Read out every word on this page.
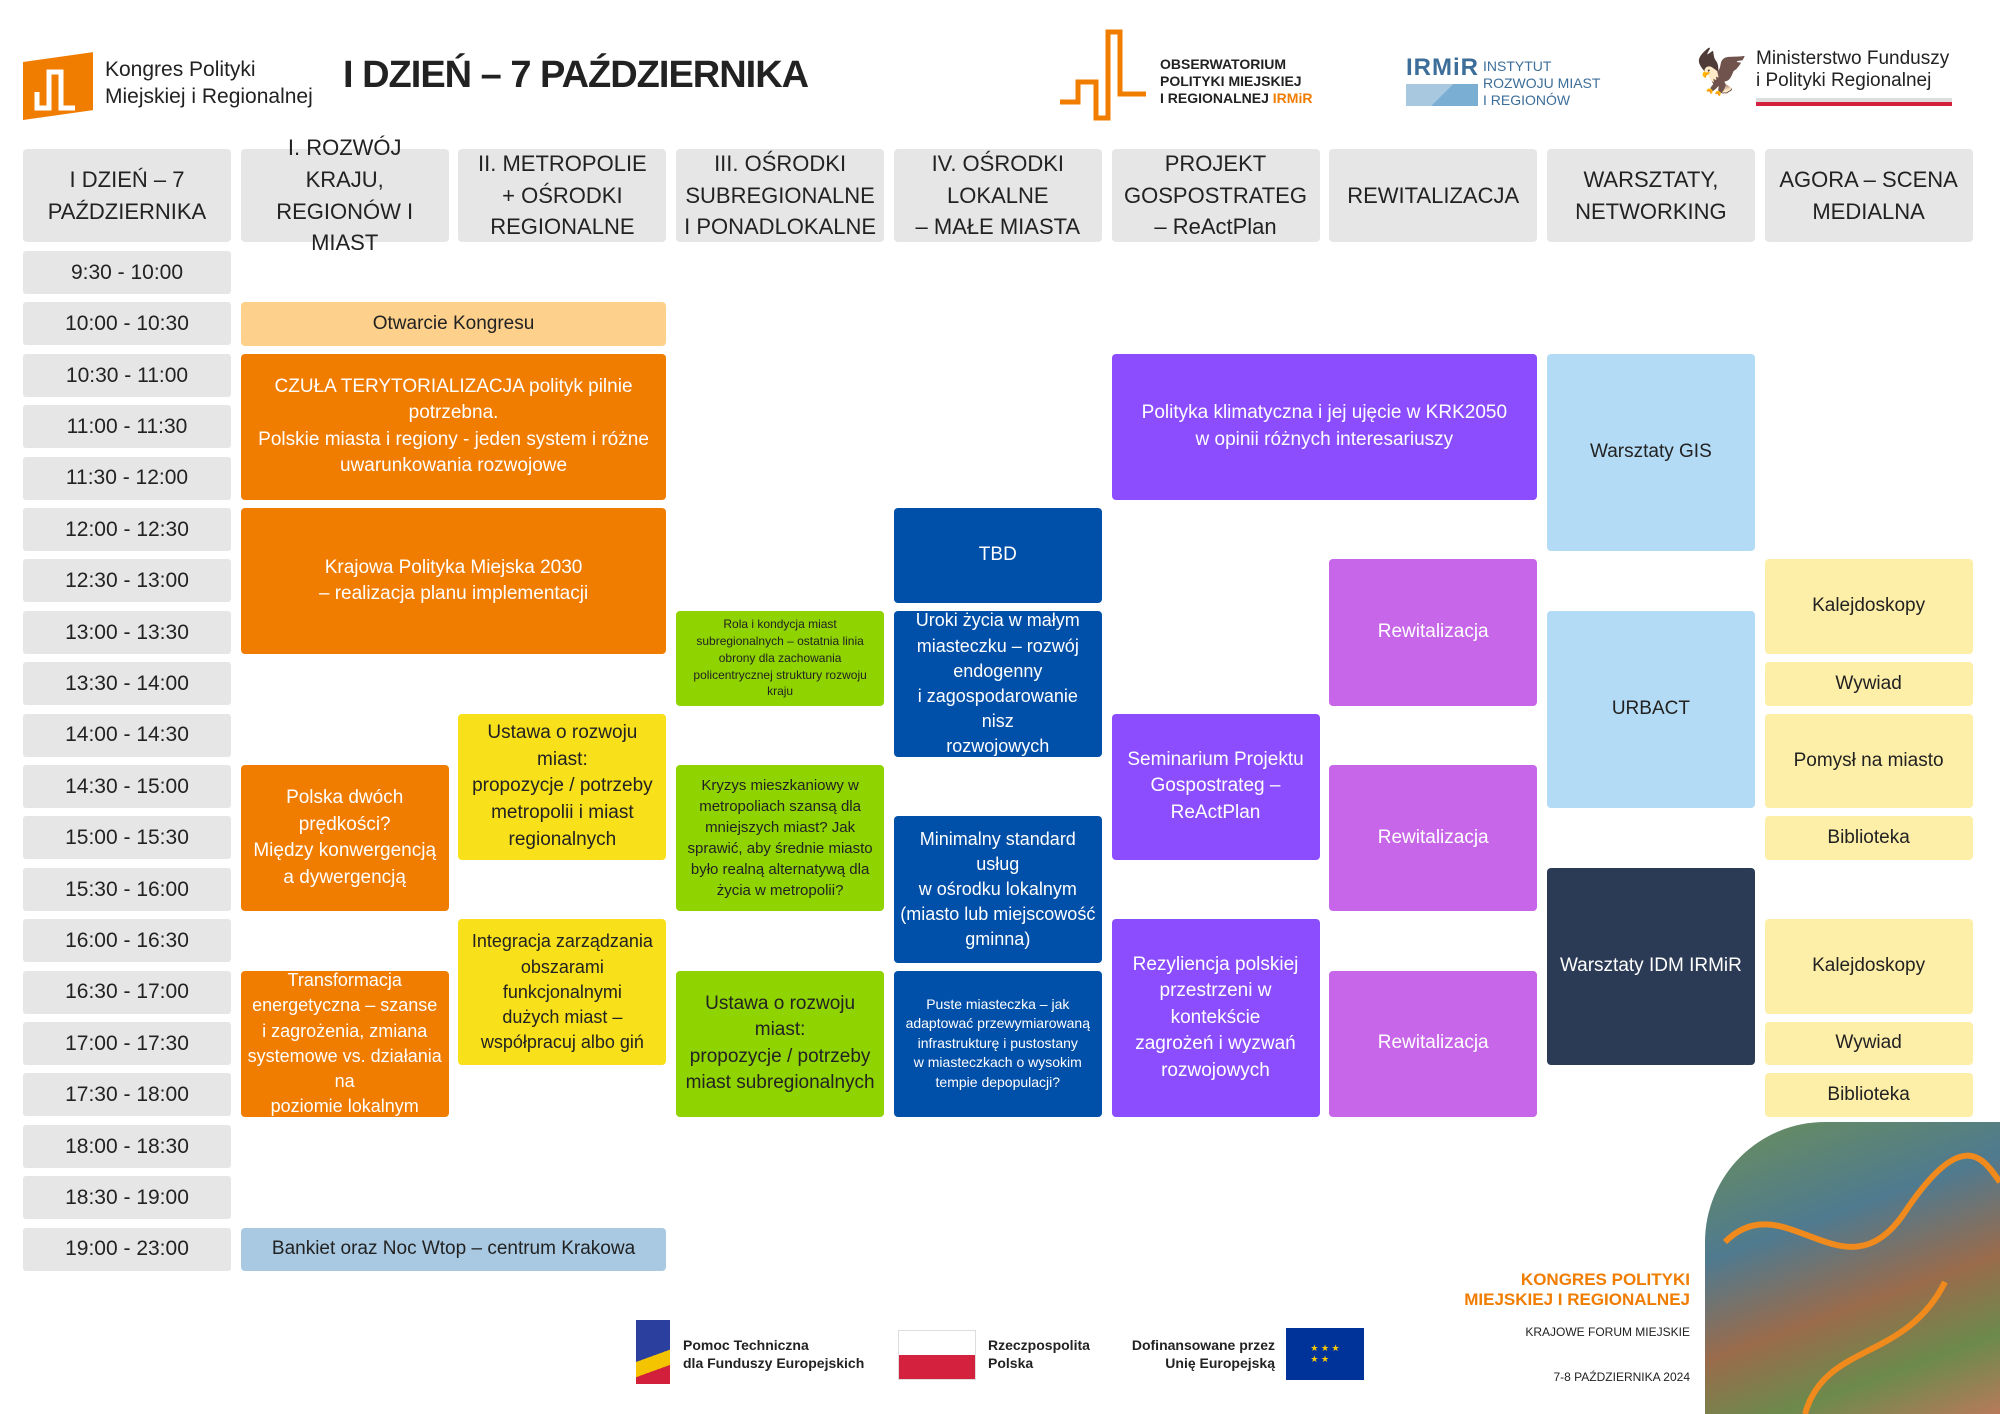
Kongres Polityki
Miejskiej i Regionalnej
I DZIEŃ – 7 PAŹDZIERNIKA	OBSERWATORIUM
POLITYKI MIEJSKIEJ
I REGIONALNEJ IRMiR
IRMiR INSTYTUT
ROZWOJU MIAST
I REGIONÓW
🦅 Ministerstwo Funduszy
i Polityki Regionalnej
I DZIEŃ – 7
PAŹDZIERNIKA
I. ROZWÓJ KRAJU,
REGIONÓW I MIAST
II. METROPOLIE
+ OŚRODKI REGIONALNE
III. OŚRODKI
SUBREGIONALNE
I PONADLOKALNE
IV. OŚRODKI LOKALNE
– MAŁE MIASTA
PROJEKT
GOSPOSTRATEG
– ReActPlan
REWITALIZACJA
WARSZTATY,
NETWORKING
AGORA – SCENA
MEDIALNA
9:30 - 10:00
10:00 - 10:30
10:30 - 11:00
11:00 - 11:30
11:30 - 12:00
12:00 - 12:30
12:30 - 13:00
13:00 - 13:30
13:30 - 14:00
14:00 - 14:30
14:30 - 15:00
15:00 - 15:30
15:30 - 16:00
16:00 - 16:30
16:30 - 17:00
17:00 - 17:30
17:30 - 18:00
18:00 - 18:30
18:30 - 19:00
19:00 - 23:00
Otwarcie Kongresu
CZUŁA TERYTORIALIZACJA polityk pilnie potrzebna.
Polskie miasta i regiony - jeden system i różne
uwarunkowania rozwojowe
Krajowa Polityka Miejska 2030
– realizacja planu implementacji
Polska dwóch prędkości?
Między konwergencją
a dywergencją
Transformacja
energetyczna – szanse
i zagrożenia, zmiana
systemowe vs. działania na
poziomie lokalnym
Ustawa o rozwoju miast:
propozycje / potrzeby
metropolii i miast
regionalnych
Integracja zarządzania
obszarami funkcjonalnymi
dużych miast –
współpracuj albo giń
Rola i kondycja miast
subregionalnych – ostatnia linia
obrony dla zachowania
policentrycznej struktury rozwoju
kraju
Kryzys mieszkaniowy w
metropoliach szansą dla
mniejszych miast? Jak
sprawić, aby średnie miasto
było realną alternatywą dla
życia w metropolii?
Ustawa o rozwoju miast:
propozycje / potrzeby
miast subregionalnych
TBD
Uroki życia w małym
miasteczku – rozwój
endogenny
i zagospodarowanie nisz
rozwojowych
Minimalny standard usług
w ośrodku lokalnym
(miasto lub miejscowość
gminna)
Puste miasteczka – jak
adaptować przewymiarowaną
infrastrukturę i pustostany
w miasteczkach o wysokim
tempie depopulacji?
Polityka klimatyczna i jej ujęcie w KRK2050
w opinii różnych interesariuszy
Seminarium Projektu
Gospostrateg – ReActPlan
Rezyliencja polskiej
przestrzeni w kontekście
zagrożeń i wyzwań
rozwojowych
Rewitalizacja
Rewitalizacja
Rewitalizacja
Warsztaty GIS
URBACT
Warsztaty IDM IRMiR
Kalejdoskopy
Wywiad
Pomysł na miasto
Biblioteka
Kalejdoskopy
Wywiad
Biblioteka
Bankiet oraz Noc Wtop – centrum Krakowa
Pomoc Techniczna
dla Funduszy Europejskich
Rzeczpospolita
Polska
Dofinansowane przez
Unię Europejską
★ ★ ★
★ ★
KONGRES POLITYKI
MIEJSKIEJ I REGIONALNEJ
KRAJOWE FORUM MIEJSKIE
7-8 PAŹDZIERNIKA 2024
